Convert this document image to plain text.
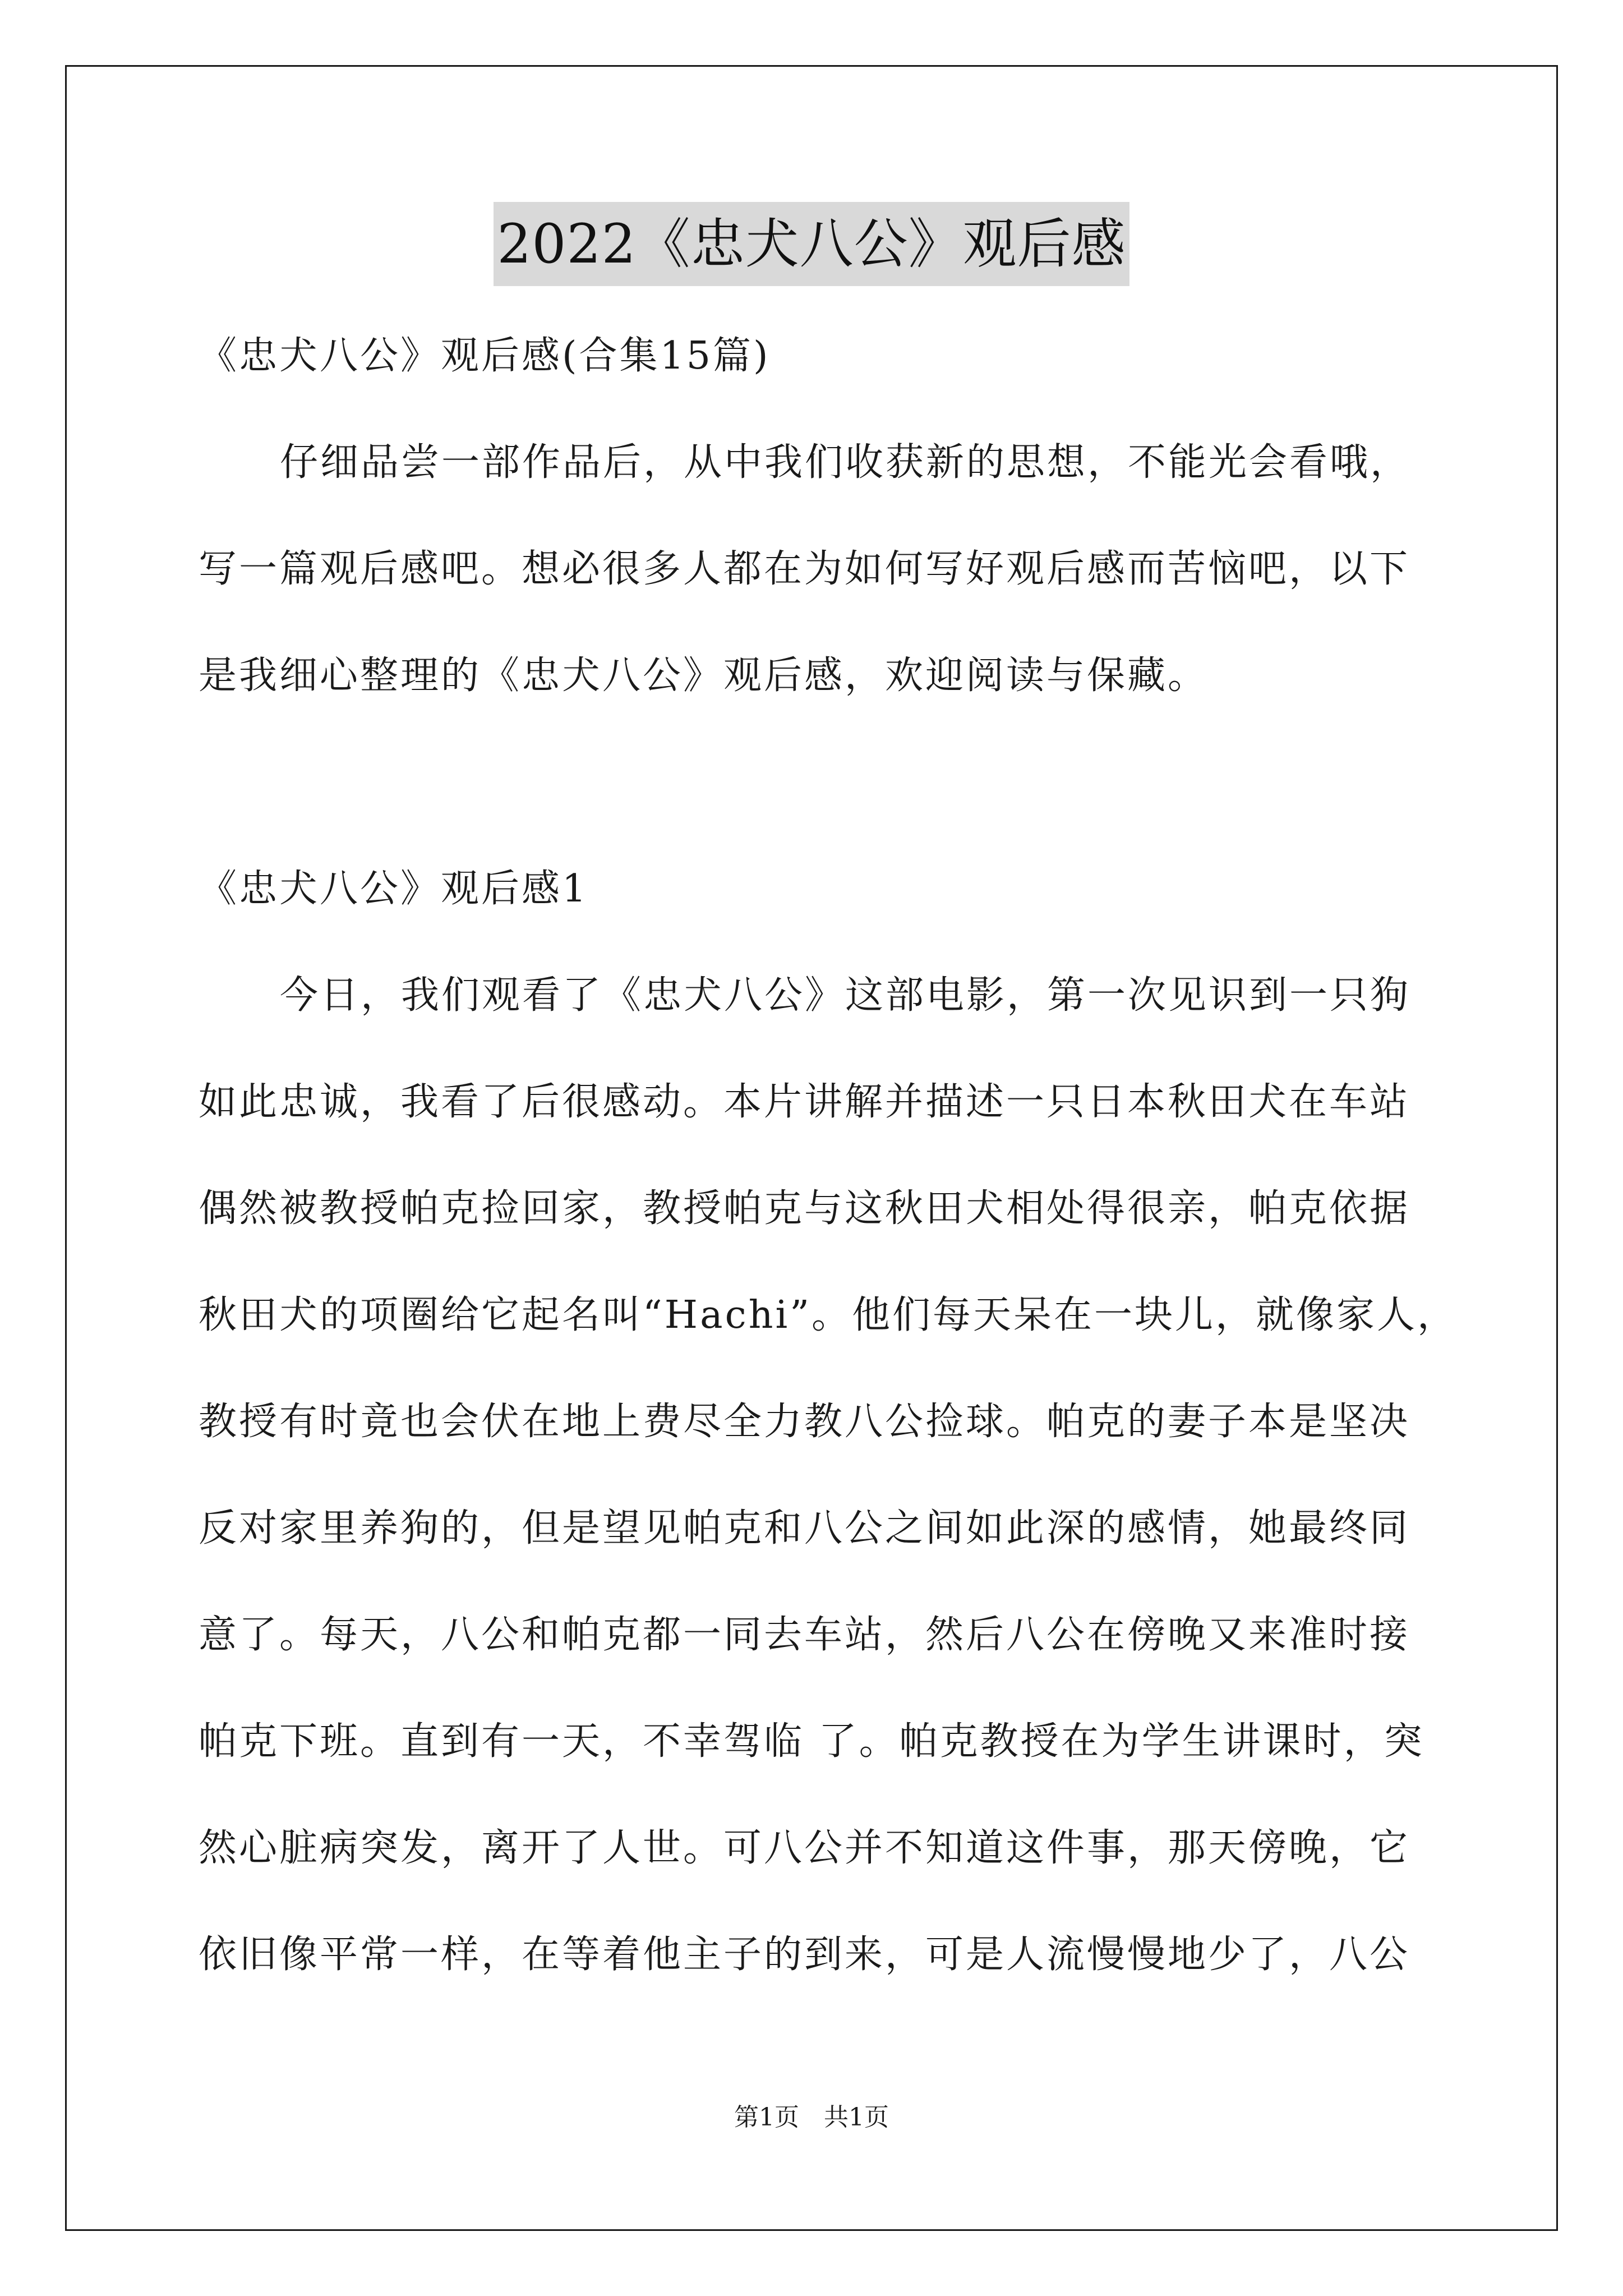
2022《忠犬八公》观后感
《忠犬八公》观后感(合集15篇)
仔细品尝一部作品后，从中我们收获新的思想，不能光会看哦，
写一篇观后感吧。想必很多人都在为如何写好观后感而苦恼吧，以下
是我细心整理的《忠犬八公》观后感，欢迎阅读与保藏。
《忠犬八公》观后感1
今日，我们观看了《忠犬八公》这部电影，第一次见识到一只狗
如此忠诚，我看了后很感动。本片讲解并描述一只日本秋田犬在车站
偶然被教授帕克捡回家，教授帕克与这秋田犬相处得很亲，帕克依据
秋田犬的项圈给它起名叫“Hachi”。他们每天呆在一块儿，就像家人，
教授有时竟也会伏在地上费尽全力教八公捡球。帕克的妻子本是坚决
反对家里养狗的，但是望见帕克和八公之间如此深的感情，她最终同
意了。每天，八公和帕克都一同去车站，然后八公在傍晚又来准时接
帕克下班。直到有一天，不幸驾临 了。帕克教授在为学生讲课时，突
然心脏病突发，离开了人世。可八公并不知道这件事，那天傍晚，它
依旧像平常一样，在等着他主子的到来，可是人流慢慢地少了，八公
第1页 共1页
